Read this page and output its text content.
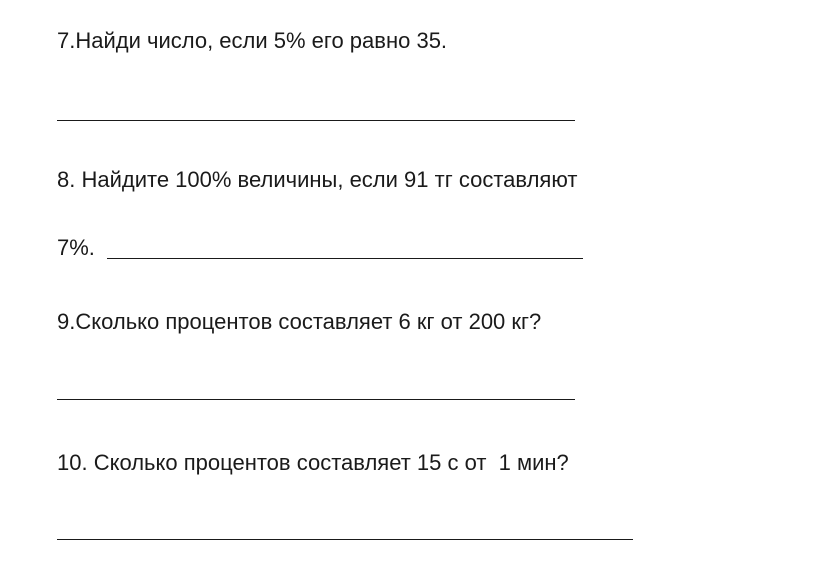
7.Найди число, если 5% его равно 35.

8. Найдите 100% величины, если 91 тг составляют

7%.

9.Сколько процентов составляет 6 кг от 200 кг?

10. Сколько процентов составляет 15 с от  1 мин?
